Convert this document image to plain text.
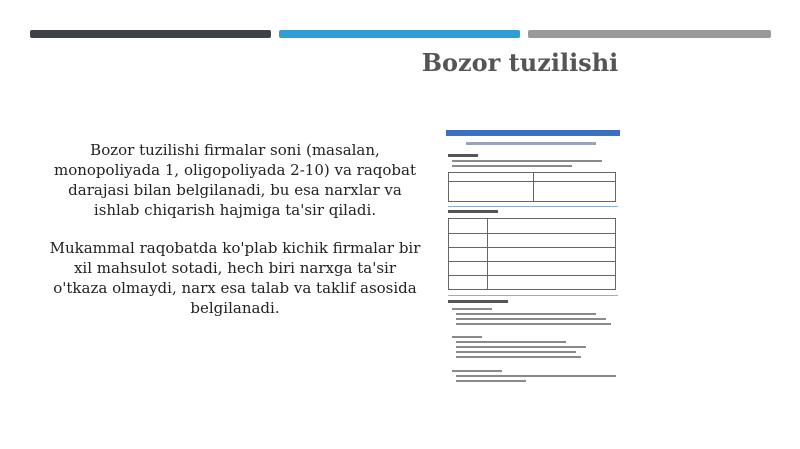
Bozor tuzilishi

Bozor tuzilishi firmalar soni (masalan, monopoliyada 1, oligopoliyada 2-10) va raqobat darajasi bilan belgilanadi, bu esa narxlar va ishlab chiqarish hajmiga ta'sir qiladi.

Mukammal raqobatda ko'plab kichik firmalar bir xil mahsulot sotadi, hech biri narxga ta'sir o'tkaza olmaydi, narx esa talab va taklif asosida belgilanadi.
